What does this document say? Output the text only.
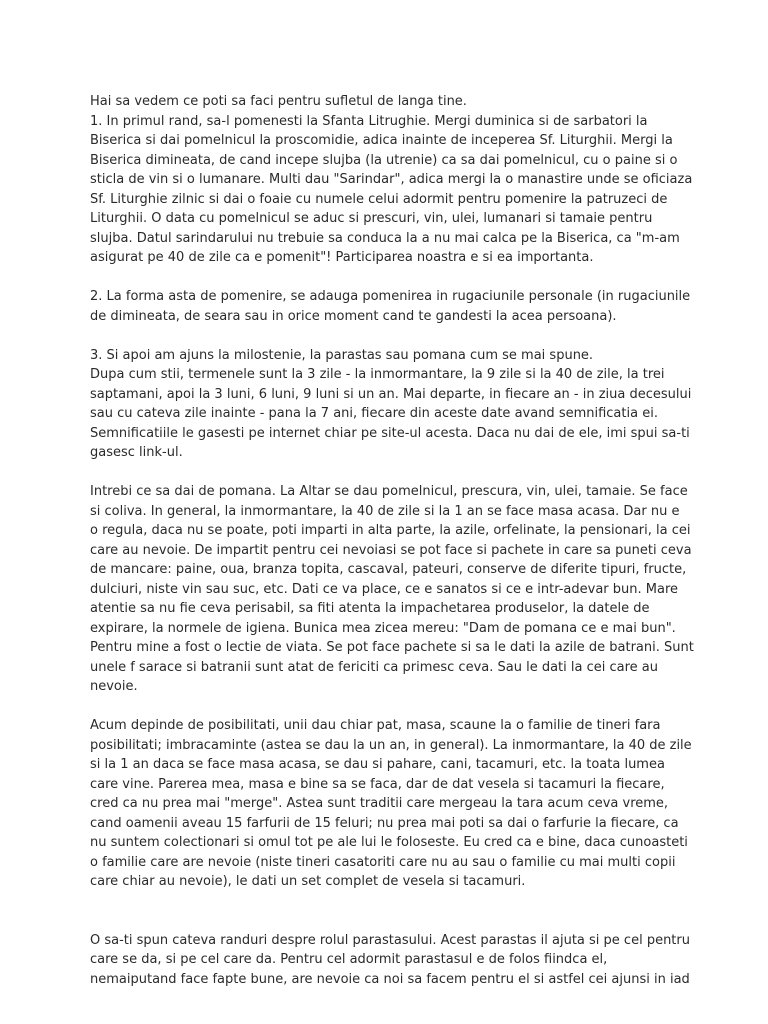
Hai sa vedem ce poti sa faci pentru sufletul de langa tine.
1. In primul rand, sa-l pomenesti la Sfanta Litrughie. Mergi duminica si de sarbatori la
Biserica si dai pomelnicul la proscomidie, adica inainte de inceperea Sf. Liturghii. Mergi la
Biserica dimineata, de cand incepe slujba (la utrenie) ca sa dai pomelnicul, cu o paine si o
sticla de vin si o lumanare. Multi dau "Sarindar", adica mergi la o manastire unde se oficiaza
Sf. Liturghie zilnic si dai o foaie cu numele celui adormit pentru pomenire la patruzeci de
Liturghii. O data cu pomelnicul se aduc si prescuri, vin, ulei, lumanari si tamaie pentru
slujba. Datul sarindarului nu trebuie sa conduca la a nu mai calca pe la Biserica, ca "m-am
asigurat pe 40 de zile ca e pomenit"! Participarea noastra e si ea importanta.
2. La forma asta de pomenire, se adauga pomenirea in rugaciunile personale (in rugaciunile
de dimineata, de seara sau in orice moment cand te gandesti la acea persoana).
3. Si apoi am ajuns la milostenie, la parastas sau pomana cum se mai spune.
Dupa cum stii, termenele sunt la 3 zile - la inmormantare, la 9 zile si la 40 de zile, la trei
saptamani, apoi la 3 luni, 6 luni, 9 luni si un an. Mai departe, in fiecare an - in ziua decesului
sau cu cateva zile inainte - pana la 7 ani, fiecare din aceste date avand semnificatia ei.
Semnificatiile le gasesti pe internet chiar pe site-ul acesta. Daca nu dai de ele, imi spui sa-ti
gasesc link-ul.
Intrebi ce sa dai de pomana. La Altar se dau pomelnicul, prescura, vin, ulei, tamaie. Se face
si coliva. In general, la inmormantare, la 40 de zile si la 1 an se face masa acasa. Dar nu e
o regula, daca nu se poate, poti imparti in alta parte, la azile, orfelinate, la pensionari, la cei
care au nevoie. De impartit pentru cei nevoiasi se pot face si pachete in care sa puneti ceva
de mancare: paine, oua, branza topita, cascaval, pateuri, conserve de diferite tipuri, fructe,
dulciuri, niste vin sau suc, etc. Dati ce va place, ce e sanatos si ce e intr-adevar bun. Mare
atentie sa nu fie ceva perisabil, sa fiti atenta la impachetarea produselor, la datele de
expirare, la normele de igiena. Bunica mea zicea mereu: "Dam de pomana ce e mai bun".
Pentru mine a fost o lectie de viata. Se pot face pachete si sa le dati la azile de batrani. Sunt
unele f sarace si batranii sunt atat de fericiti ca primesc ceva. Sau le dati la cei care au
nevoie.
Acum depinde de posibilitati, unii dau chiar pat, masa, scaune la o familie de tineri fara
posibilitati; imbracaminte (astea se dau la un an, in general). La inmormantare, la 40 de zile
si la 1 an daca se face masa acasa, se dau si pahare, cani, tacamuri, etc. la toata lumea
care vine. Parerea mea, masa e bine sa se faca, dar de dat vesela si tacamuri la fiecare,
cred ca nu prea mai "merge". Astea sunt traditii care mergeau la tara acum ceva vreme,
cand oamenii aveau 15 farfurii de 15 feluri; nu prea mai poti sa dai o farfurie la fiecare, ca
nu suntem colectionari si omul tot pe ale lui le foloseste. Eu cred ca e bine, daca cunoasteti
o familie care are nevoie (niste tineri casatoriti care nu au sau o familie cu mai multi copii
care chiar au nevoie), le dati un set complet de vesela si tacamuri.
O sa-ti spun cateva randuri despre rolul parastasului. Acest parastas il ajuta si pe cel pentru
care se da, si pe cel care da. Pentru cel adormit parastasul e de folos fiindca el,
nemaiputand face fapte bune, are nevoie ca noi sa facem pentru el si astfel cei ajunsi in iad
